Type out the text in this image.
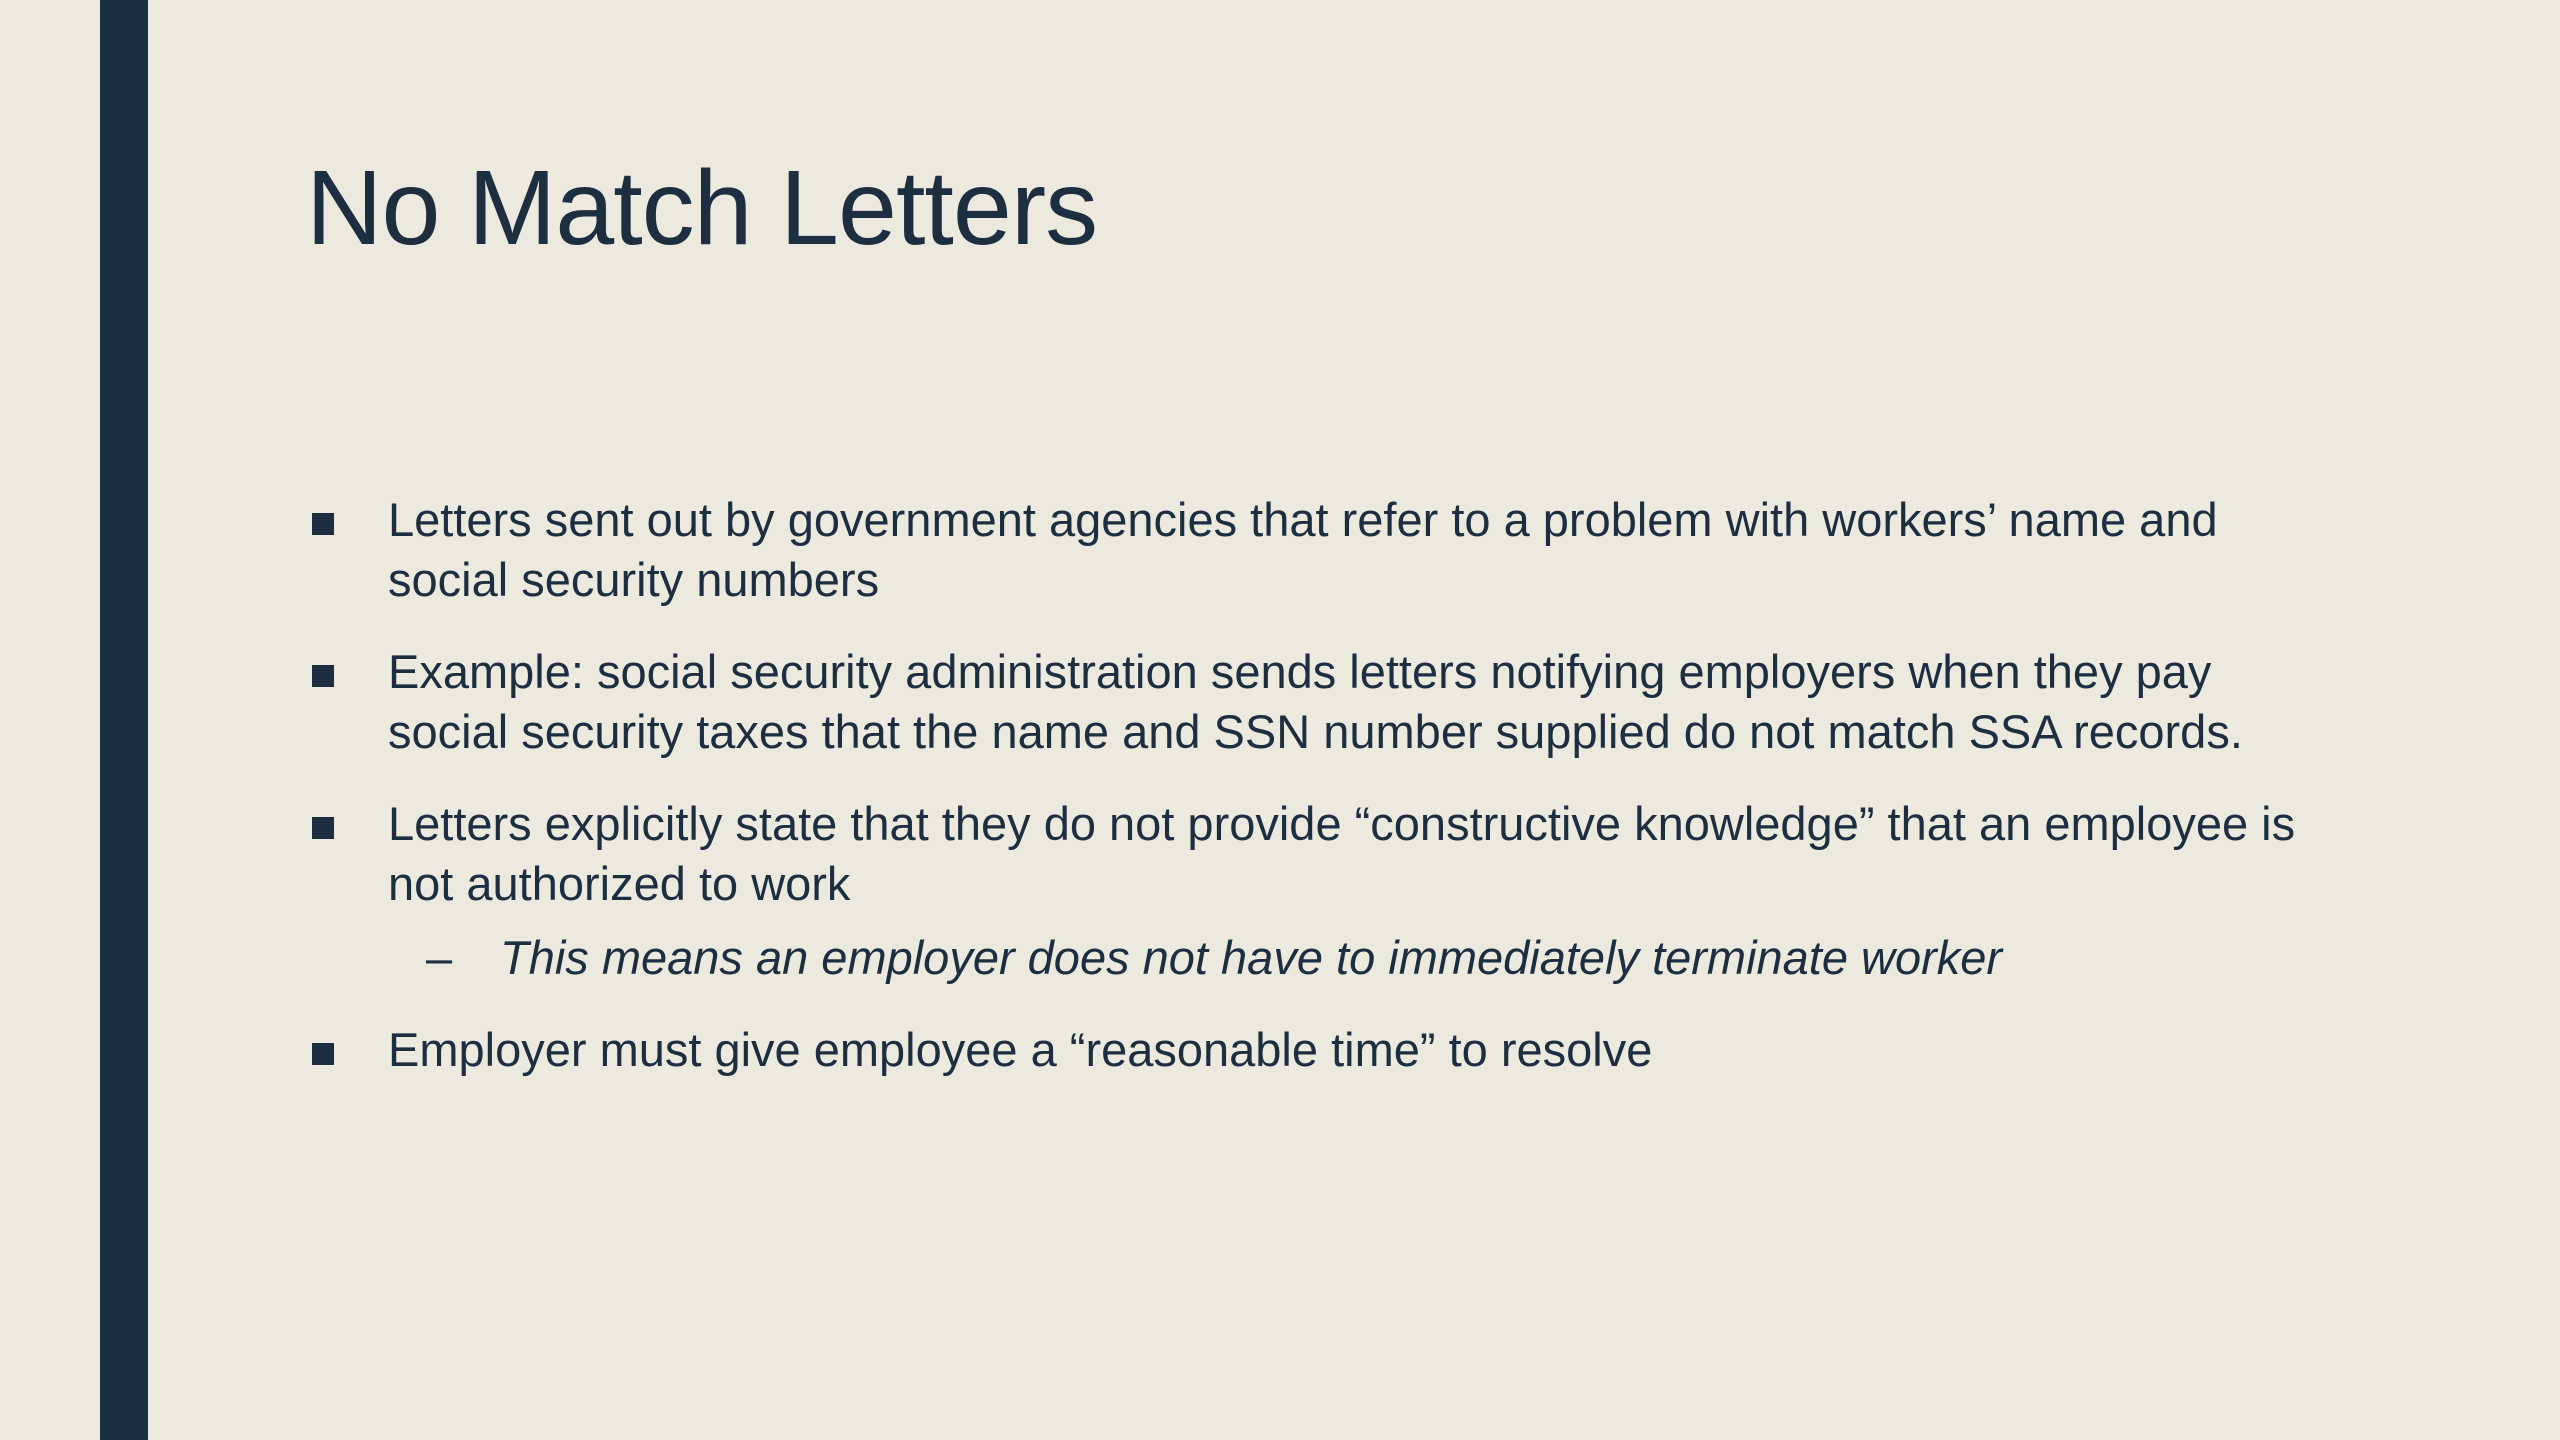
No Match Letters
Letters sent out by government agencies that refer to a problem with workers’ name and social security numbers
Example: social security administration sends letters notifying employers when they pay social security taxes that the name and SSN number supplied do not match SSA records.
Letters explicitly state that they do not provide “constructive knowledge” that an employee is not authorized to work
– This means an employer does not have to immediately terminate worker
Employer must give employee a “reasonable time” to resolve
